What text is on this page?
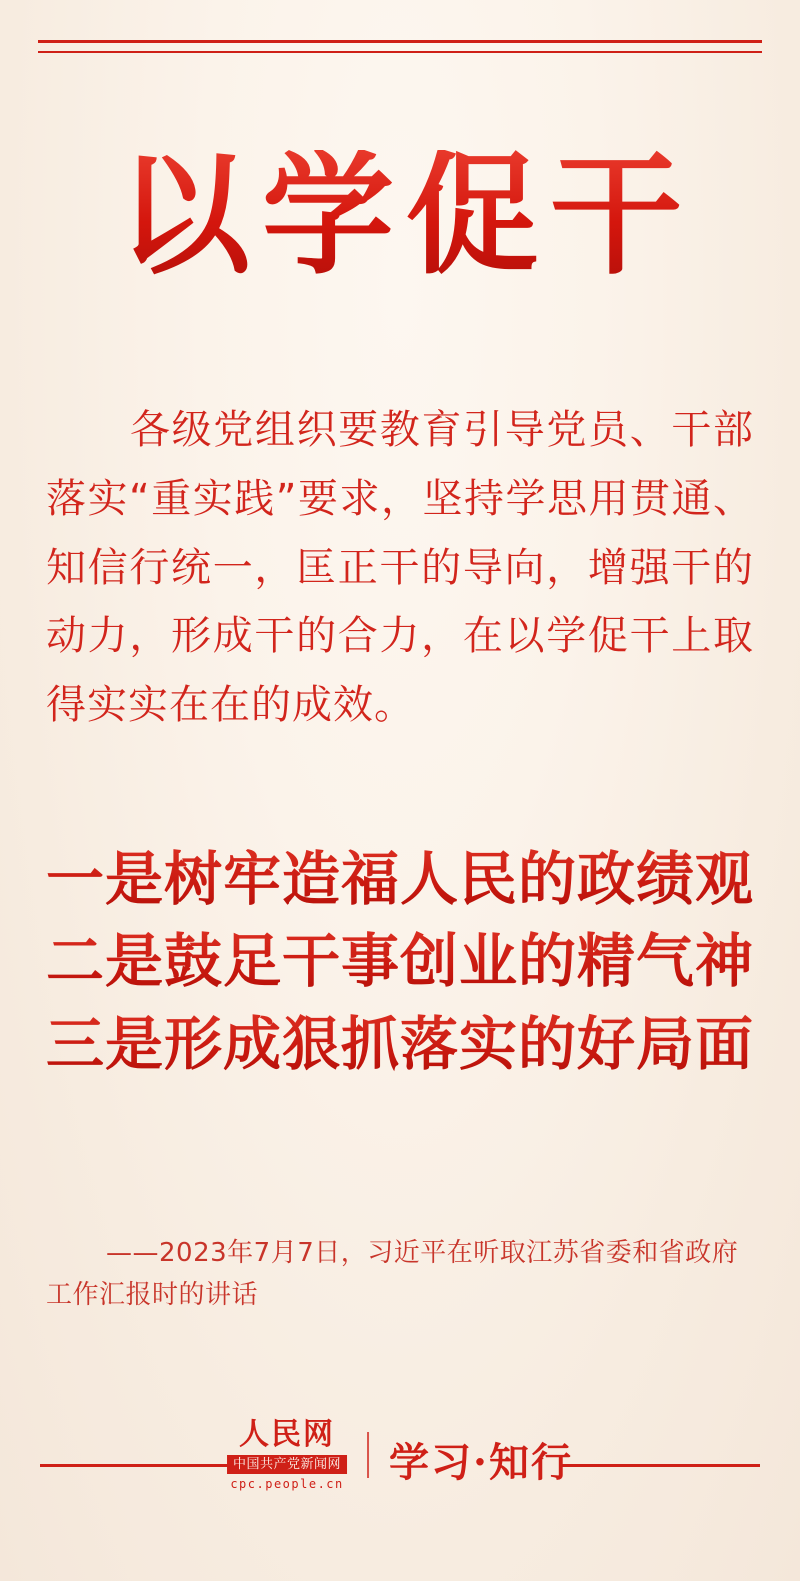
以学促干
各级党组织要教育引导党员、干部落实“重实践”要求，坚持学思用贯通、知信行统一，匡正干的导向，增强干的动力，形成干的合力，在以学促干上取得实实在在的成效。
一是树牢造福人民的政绩观
二是鼓足干事创业的精气神
三是形成狠抓落实的好局面
——2023年7月7日，习近平在听取江苏省委和省政府工作汇报时的讲话
人民网
中国共产党新闻网
cpc.people.cn 学习·知行
